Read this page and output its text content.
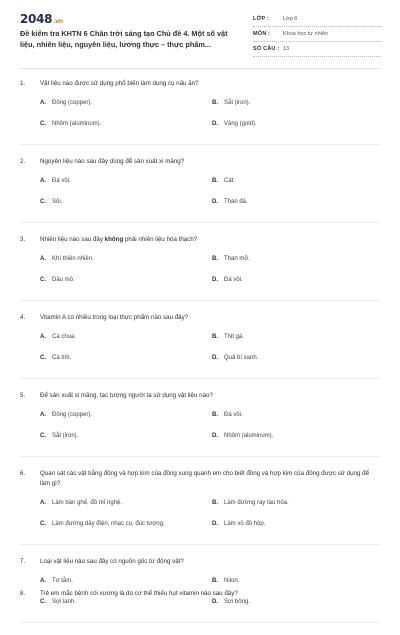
2048.vn
Đề kiểm tra KHTN 6 Chân trời sáng tạo Chủ đề 4. Một số vật liệu, nhiên liệu, nguyên liệu, lương thực – thực phẩm...
LỚP :	Lớp 6
MÔN :	Khoa học tự nhiên
SỐ CÂU : 13
1. Vật liệu nào được sử dụng phổ biến làm dụng cụ nấu ăn?
A. Đồng (copper).	B. Sắt (iron).
C. Nhôm (aluminum).	D. Vàng (gold).
2. Nguyên liệu nào sau đây dùng để sản xuất xi măng?
A. Đá vôi.	B. Cát.
C. Sỏi.	D. Than đá.
3. Nhiên liệu nào sau đây không phải nhiên liệu hóa thạch?
A. Khí thiên nhiên.	B. Than mỡ.
C. Dầu mỏ.	D. Đá vôi.
4. Vitamin A có nhiều trong loại thực phẩm nào sau đây?
A. Cà chua.	B. Thịt gà.
C. Cá tím.	D. Quả bí xanh.
5. Để sản xuất xi măng, tạc tượng người ta sử dụng vật liệu nào?
A. Đồng (copper).	B. Đá vôi.
C. Sắt (iron).	D. Nhôm (aluminum).
6. Quan sát các vật bằng đồng và hợp kim của đồng xung quanh em cho biết đồng và hợp kim của đồng được sử dụng để làm gì?
A. Làm bàn ghế, đồ mĩ nghệ.	B. Làm đường ray tàu hỏa.
C. Làm đường dây điện, nhạc cụ, đúc tượng.	D. Làm vỏ đồ hộp.
7. Loại vật liệu nào sau đây có nguồn gốc từ động vật?
A. Tơ tằm.	B. Nilon.
C. Sợi lanh.	D. Sợi bông.
8. Trẻ em mắc bệnh còi xương là do cơ thể thiếu hụt vitamin nào sau đây?
